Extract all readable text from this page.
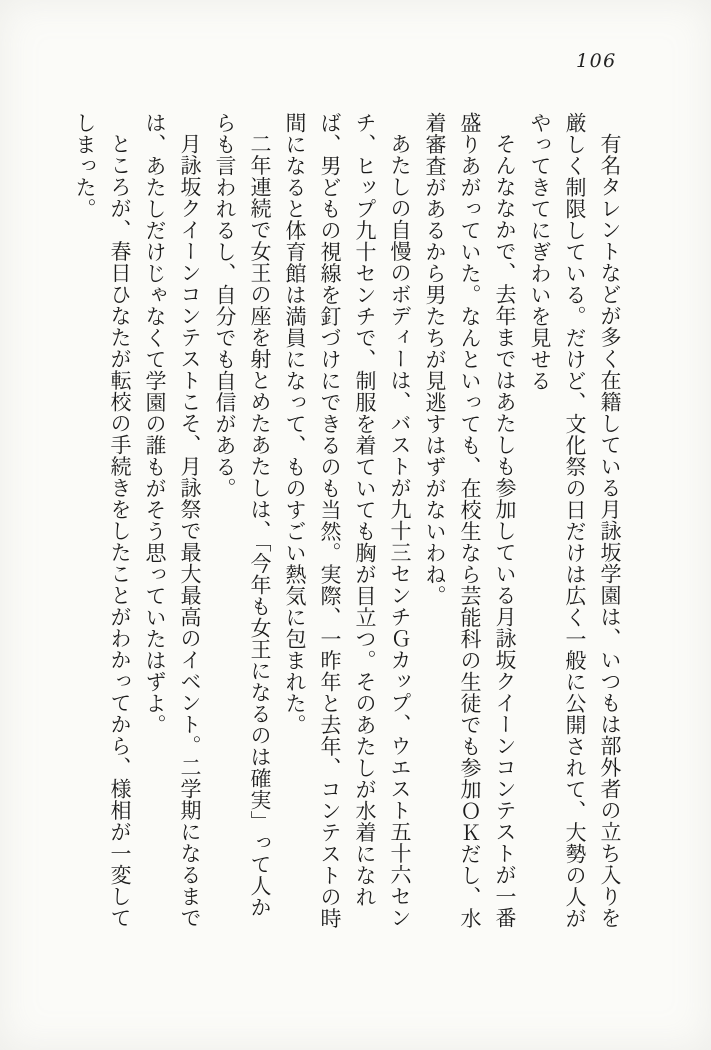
106

有名タレントなどが多く在籍している月詠坂学園は、いつもは部外者の立ち入りを厳しく制限している。だけど、文化祭の日だけは広く一般に公開されて、大勢の人がやってきてにぎわいを見せる

そんななかで、去年まではあたしも参加している月詠坂クイーンコンテストが一番盛りあがっていた。なんといっても、在校生なら芸能科の生徒でも参加ＯＫだし、水着審査があるから男たちが見逃すはずがないわね。

あたしの自慢のボディーは、バストが九十三センチＧカップ、ウエスト五十六センチ、ヒップ九十センチで、制服を着ていても胸が目立つ。そのあたしが水着になれば、男どもの視線を釘づけにできるのも当然。実際、一昨年と去年、コンテストの時間になると体育館は満員になって、ものすごい熱気に包まれた。

二年連続で女王の座を射とめたあたしは、「今年も女王になるのは確実」って人からも言われるし、自分でも自信がある。

月詠坂クイーンコンテストこそ、月詠祭で最大最高のイベント。二学期になるまでは、あたしだけじゃなくて学園の誰もがそう思っていたはずよ。

ところが、春日ひなたが転校の手続きをしたことがわかってから、様相が一変してしまった。
